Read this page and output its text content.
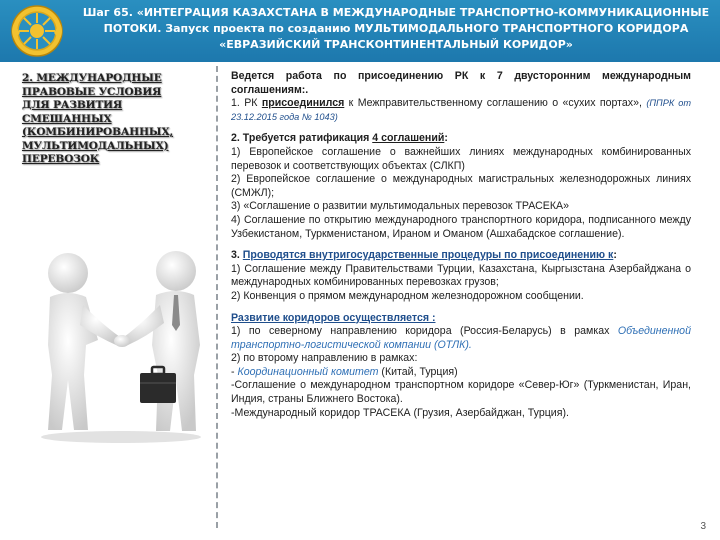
Шаг 65. «ИНТЕГРАЦИЯ КАЗАХСТАНА В МЕЖДУНАРОДНЫЕ ТРАНСПОРТНО-КОММУНИКАЦИОННЫЕ
ПОТОКИ. Запуск проекта по созданию МУЛЬТИМОДАЛЬНОГО ТРАНСПОРТНОГО КОРИДОРА
«ЕВРАЗИЙСКИЙ ТРАНСКОНТИНЕНТАЛЬНЫЙ КОРИДОР»
2. МЕЖДУНАРОДНЫЕ
ПРАВОВЫЕ УСЛОВИЯ
ДЛЯ РАЗВИТИЯ
СМЕШАННЫХ
(КОМБИНИРОВАННЫХ,
МУЛЬТИМОДАЛЬНЫХ)
ПЕРЕВОЗОК

Ведется работа по присоединению РК к 7 двусторонним международным соглашениям:.

1. РК присоединился к Межправительственному соглашению о «сухих портах», (ППРК от 23.12.2015 года № 1043)

2. Требуется ратификация 4 соглашений:

1) Европейское соглашение о важнейших линиях международных комбинированных перевозок и соответствующих объектах (СЛКП)

2) Европейское соглашение о международных магистральных железнодорожных линиях (СМЖЛ);

3) «Соглашение о развитии мультимодальных перевозок ТРАСЕКА»

4) Соглашение по открытию международного транспортного коридора, подписанного между Узбекистаном, Туркменистаном, Ираном и Оманом (Ашхабадское соглашение).

3. Проводятся внутригосударственные процедуры по присоединению к:

1) Соглашение между Правительствами Турции, Казахстана, Кыргызстана Азербайджана о международных комбинированных перевозках грузов;

2) Конвенция о прямом международном железнодорожном сообщении.

Развитие коридоров осуществляется :

1) по северному направлению коридора (Россия-Беларусь) в рамках Объединенной транспортно-логистической компании (ОТЛК).

2) по второму направлению в рамках:

- Координационный комитет (Китай, Турция)

-Соглашение о международном транспортном коридоре «Север-Юг» (Туркменистан, Иран, Индия, страны Ближнего Востока).

-Международный коридор ТРАСЕКА (Грузия, Азербайджан, Турция).

3
